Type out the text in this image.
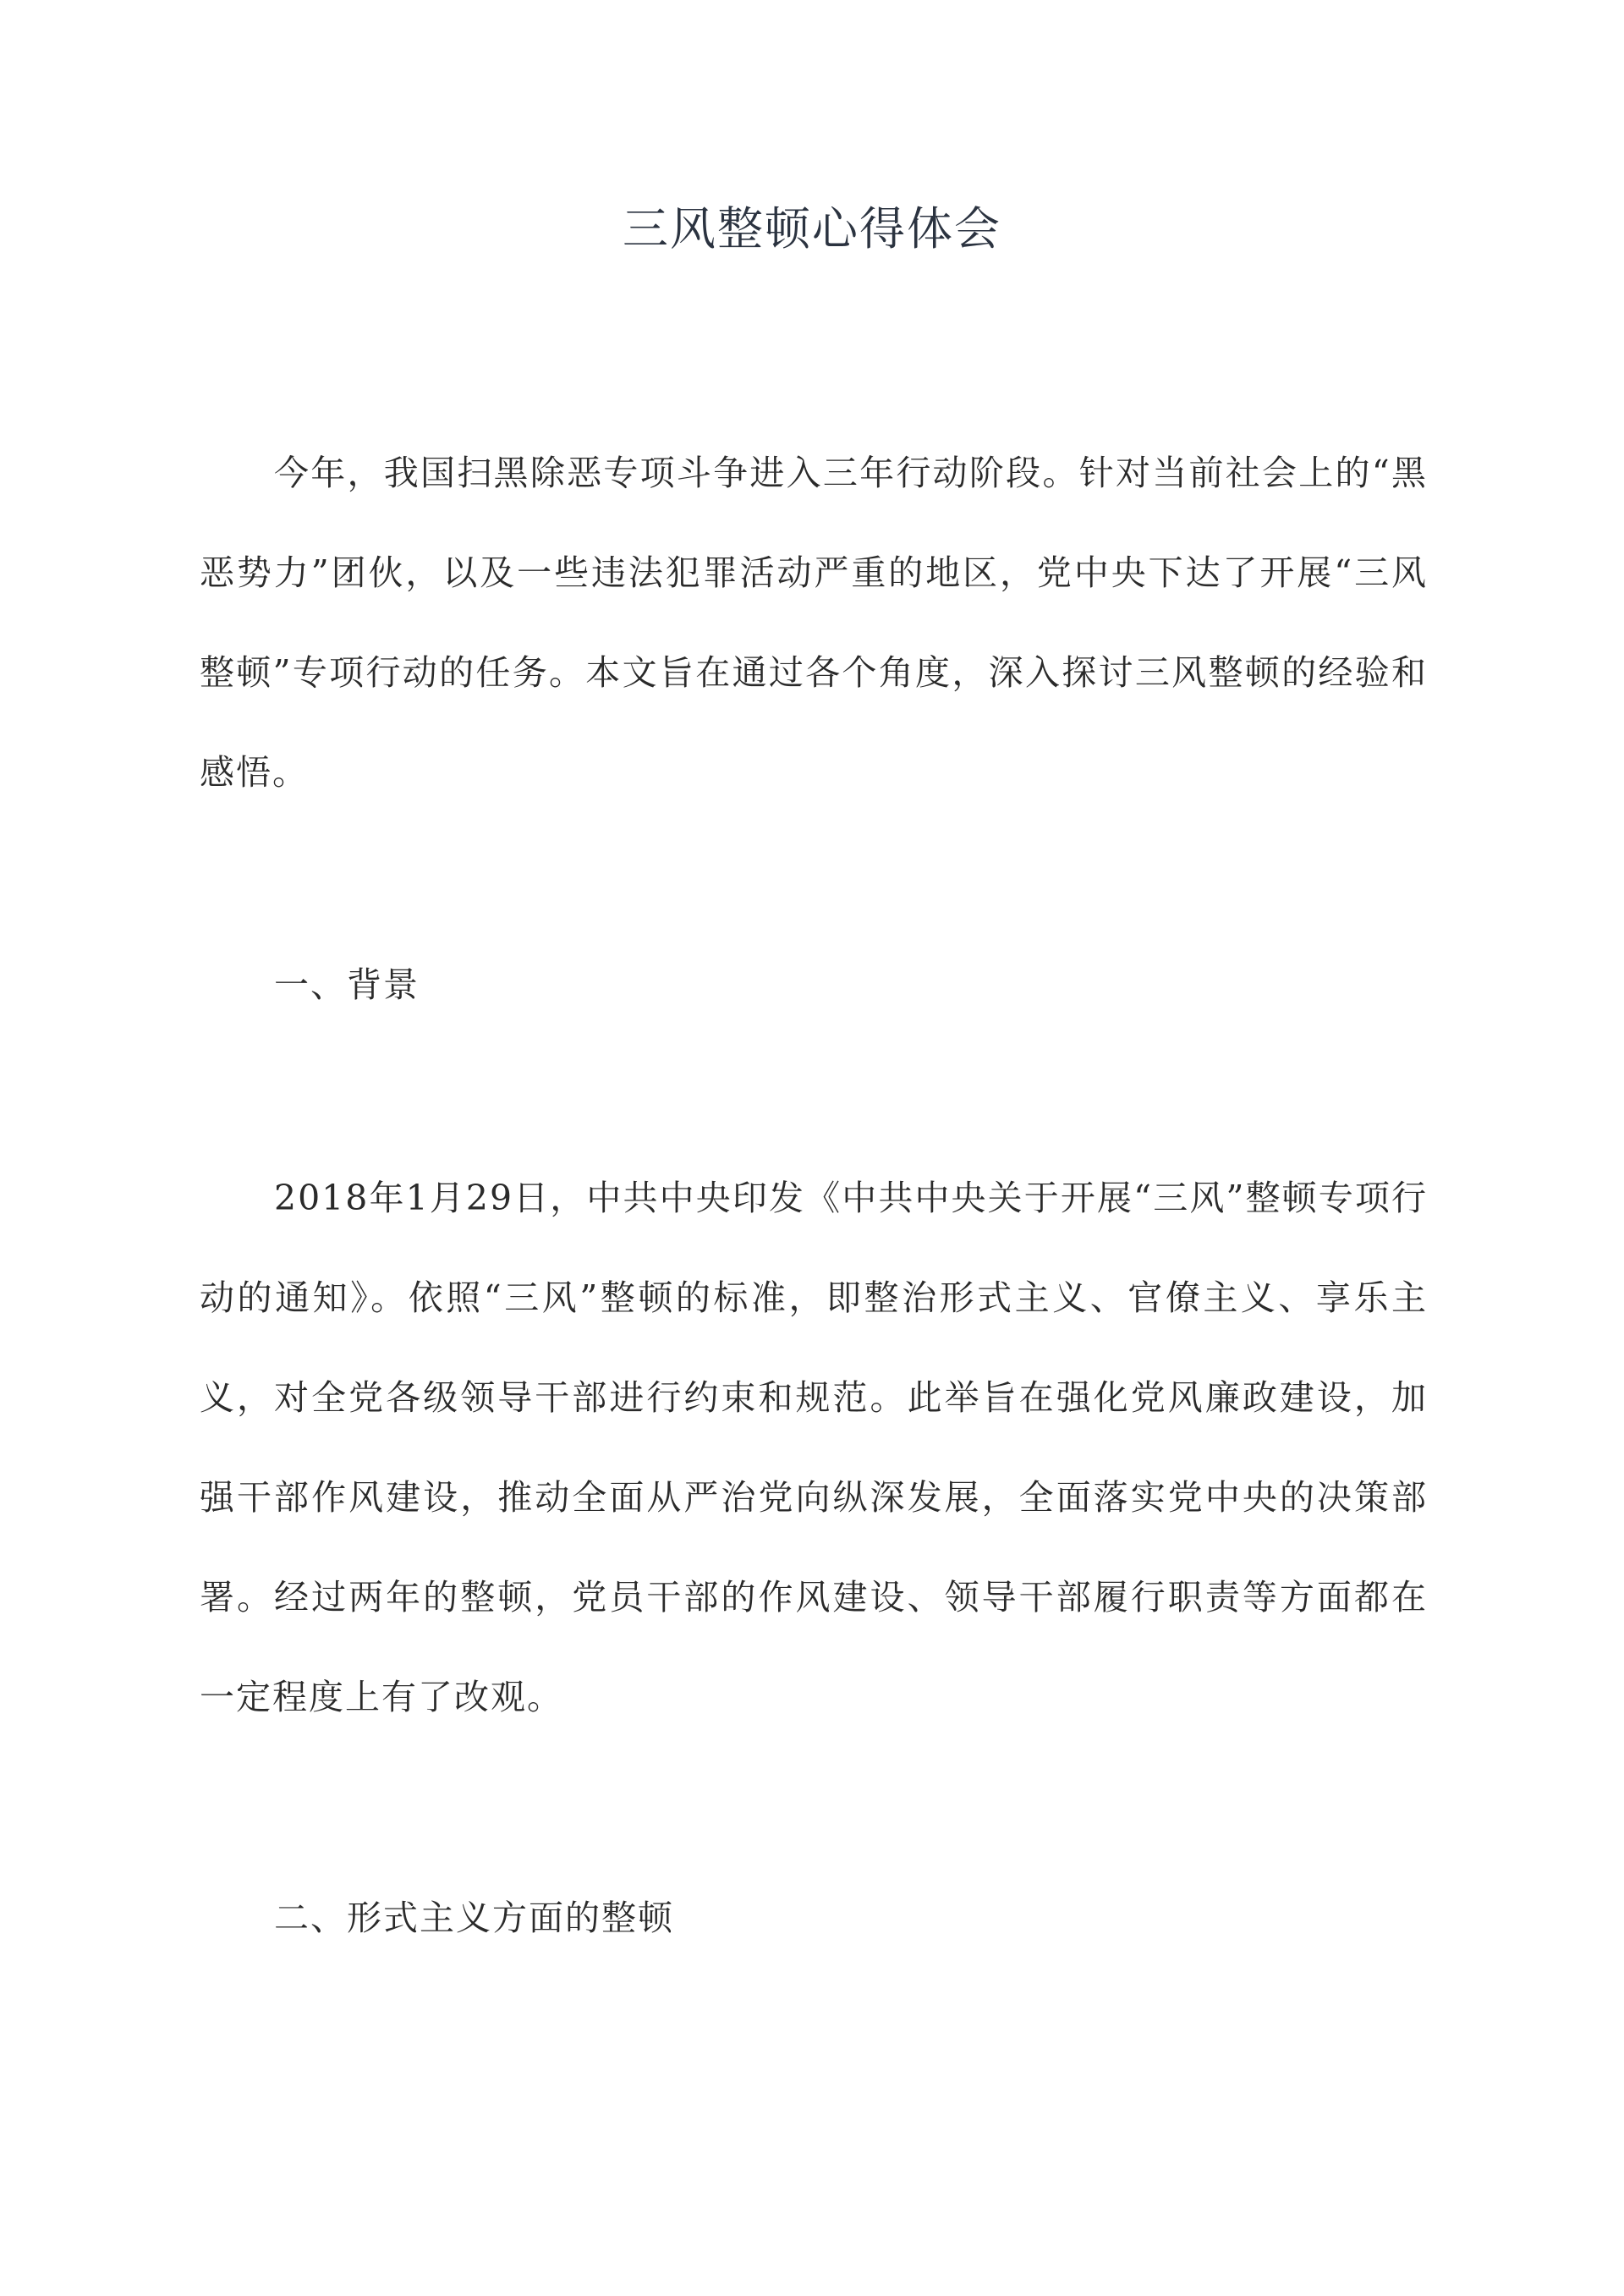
三风整顿心得体会

今年，我国扫黑除恶专项斗争进入三年行动阶段。针对当前社会上的“黑恶势力”团伙，以及一些违法犯罪活动严重的地区，党中央下达了开展“三风整顿”专项行动的任务。本文旨在通过各个角度，深入探讨三风整顿的经验和感悟。

一、背景

2018年1月29日，中共中央印发《中共中央关于开展“三风”整顿专项行动的通知》。依照“三风”整顿的标准，即整治形式主义、官僚主义、享乐主义，对全党各级领导干部进行约束和规范。此举旨在强化党风廉政建设，加强干部作风建设，推动全面从严治党向纵深发展，全面落实党中央的决策部署。经过两年的整顿，党员干部的作风建设、领导干部履行职责等方面都在一定程度上有了改观。

二、形式主义方面的整顿
